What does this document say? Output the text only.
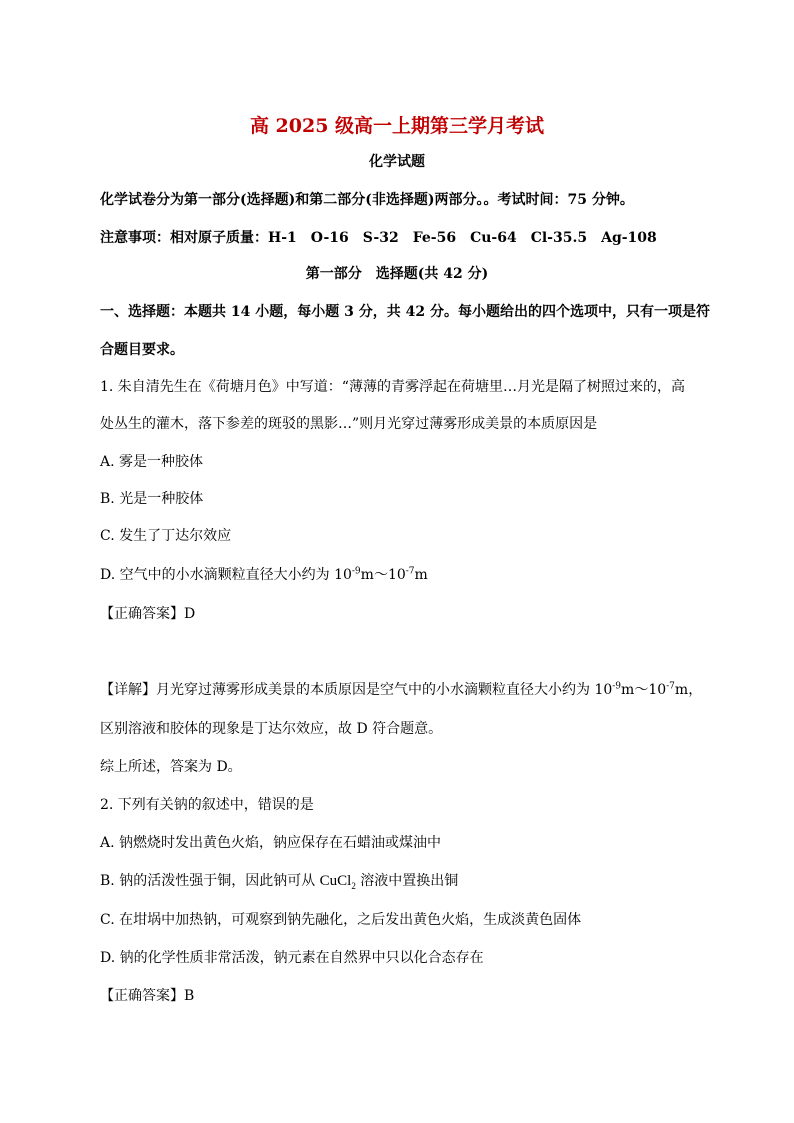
高 2025 级高一上期第三学月考试
化学试题
化学试卷分为第一部分(选择题)和第二部分(非选择题)两部分。。考试时间：75 分钟。
注意事项：相对原子质量：H-1 O-16 S-32 Fe-56 Cu-64 Cl-35.5 Ag-108
第一部分　选择题(共 42 分)
一、选择题：本题共 14 小题，每小题 3 分，共 42 分。每小题给出的四个选项中，只有一项是符
合题目要求。
1. 朱自清先生在《荷塘月色》中写道：“薄薄的青雾浮起在荷塘里…月光是隔了树照过来的，高
处丛生的灌木，落下参差的斑驳的黑影…”则月光穿过薄雾形成美景的本质原因是
A. 雾是一种胶体
B. 光是一种胶体
C. 发生了丁达尔效应
D. 空气中的小水滴颗粒直径大小约为 $10^{-9}m\sim 10^{-7}m$
【正确答案】D
【详解】月光穿过薄雾形成美景的本质原因是空气中的小水滴颗粒直径大小约为 $10^{-9}m\sim 10^{-7}m$，
区别溶液和胶体的现象是丁达尔效应，故 D 符合题意。
综上所述，答案为 D。
2. 下列有关钠的叙述中，错误的是
A. 钠燃烧时发出黄色火焰，钠应保存在石蜡油或煤油中
B. 钠的活泼性强于铜，因此钠可从 CuCl$_2$ 溶液中置换出铜
C. 在坩埚中加热钠，可观察到钠先融化，之后发出黄色火焰，生成淡黄色固体
D. 钠的化学性质非常活泼，钠元素在自然界中只以化合态存在
【正确答案】B
